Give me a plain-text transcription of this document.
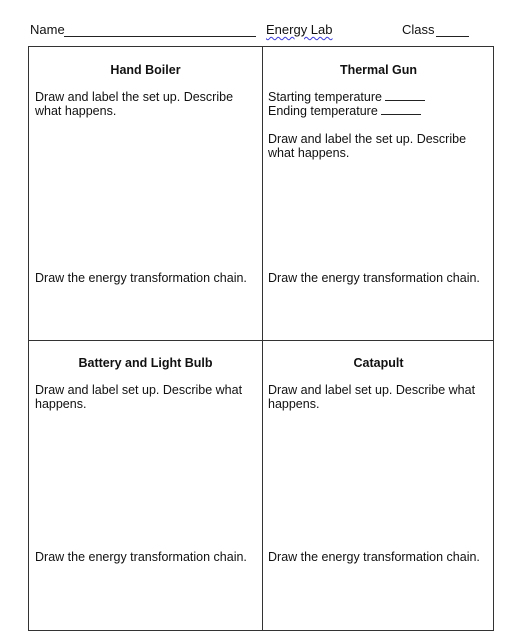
Name	Energy Lab	Class
Hand Boiler
Draw and label the set up. Describe what happens.
Draw the energy transformation chain.
Thermal Gun
Starting temperature
Ending temperature
Draw and label the set up. Describe what happens.
Draw the energy transformation chain.
Battery and Light Bulb
Draw and label set up. Describe what happens.
Draw the energy transformation chain.
Catapult
Draw and label set up. Describe what happens.
Draw the energy transformation chain.
